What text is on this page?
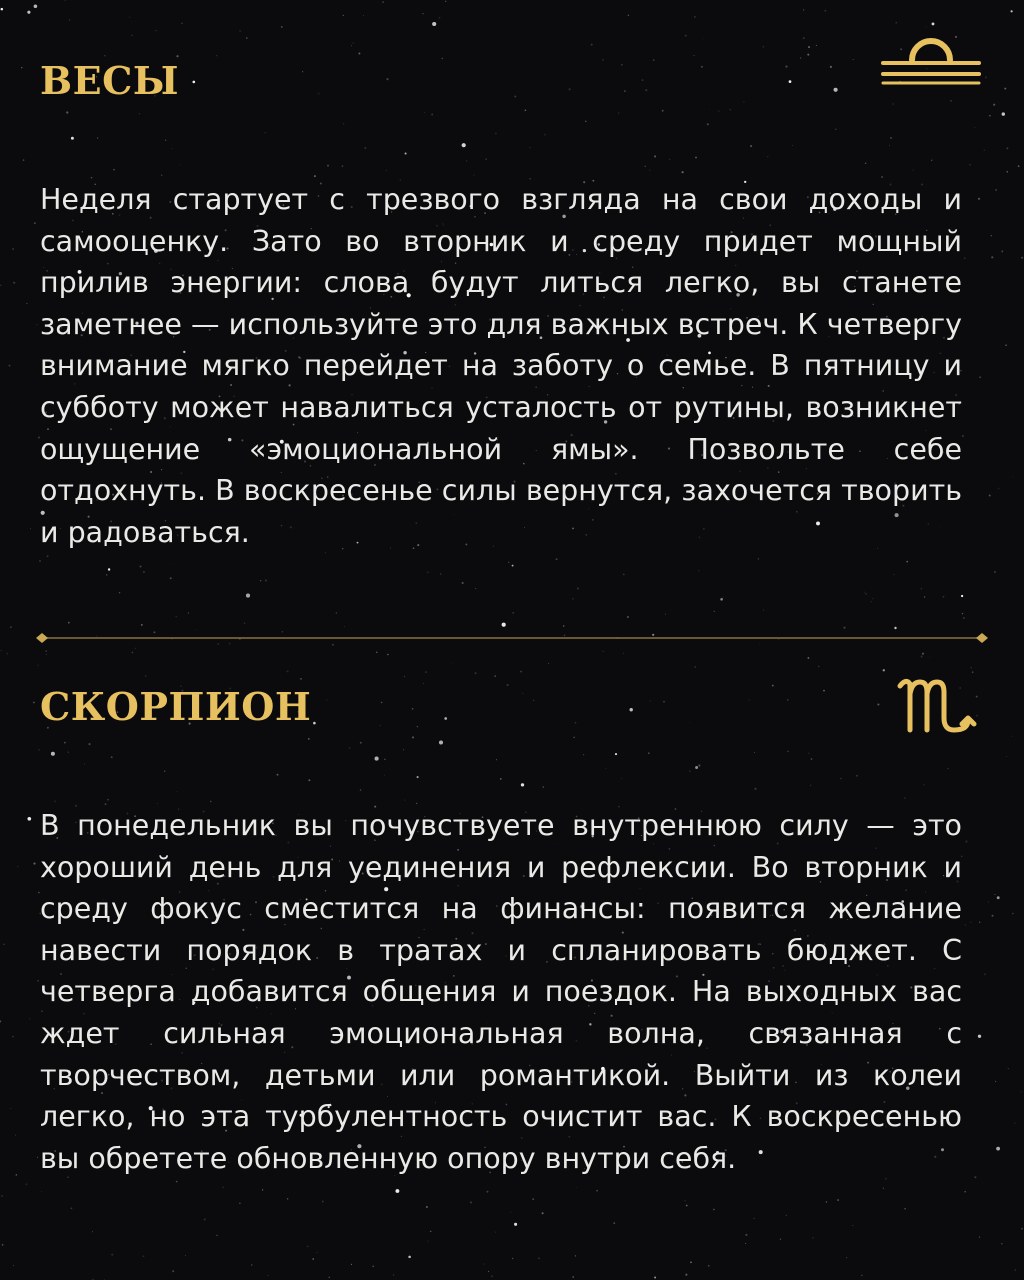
ВЕСЫ

Неделя стартует с трезвого взгляда на свои доходы и самооценку. Зато во вторник и среду придет мощный прилив энергии: слова будут литься легко, вы станете заметнее — используйте это для важных встреч. К четвергу внимание мягко перейдет на заботу о семье. В пятницу и субботу может навалиться усталость от рутины, возникнет ощущение «эмоциональной ямы». Позвольте себе отдохнуть. В воскресенье силы вернутся, захочется творить и радоваться.

СКОРПИОН

В понедельник вы почувствуете внутреннюю силу — это хороший день для уединения и рефлексии. Во вторник и среду фокус сместится на финансы: появится желание навести порядок в тратах и спланировать бюджет. С четверга добавится общения и поездок. На выходных вас ждет сильная эмоциональная волна, связанная с творчеством, детьми или романтикой. Выйти из колеи легко, но эта турбулентность очистит вас. К воскресенью вы обретете обновленную опору внутри себя.
